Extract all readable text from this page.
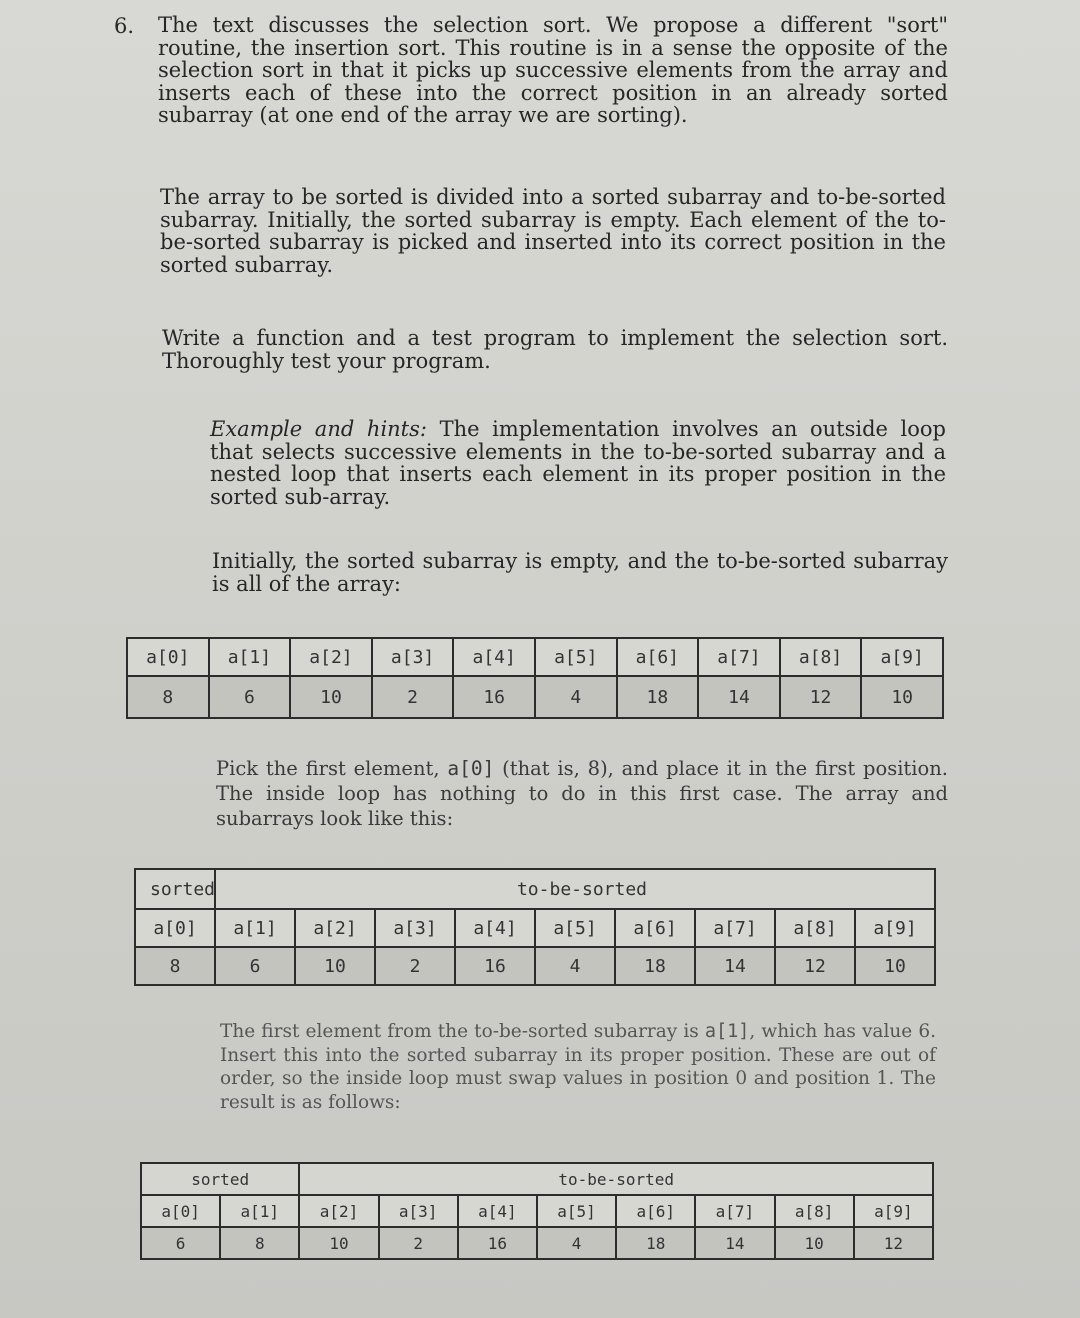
6. The text discusses the selection sort. We propose a different "sort" routine, the insertion sort. This routine is in a sense the opposite of the selection sort in that it picks up successive elements from the array and inserts each of these into the correct position in an already sorted subarray (at one end of the array we are sorting).

The array to be sorted is divided into a sorted subarray and to-be-sorted subarray. Initially, the sorted subarray is empty. Each element of the to-be-sorted subarray is picked and inserted into its correct position in the sorted subarray.

Write a function and a test program to implement the selection sort. Thoroughly test your program.

Example and hints: The implementation involves an outside loop that selects successive elements in the to-be-sorted subarray and a nested loop that inserts each element in its proper position in the sorted sub-array.

Initially, the sorted subarray is empty, and the to-be-sorted subarray is all of the array:

a[0]	a[1]	a[2]	a[3]	a[4]	a[5]	a[6]	a[7]	a[8]	a[9]
8	6	10	2	16	4	18	14	12	10

Pick the first element, a[0] (that is, 8), and place it in the first position. The inside loop has nothing to do in this first case. The array and subarrays look like this:

sorted	to-be-sorted								
a[0]	a[1]	a[2]	a[3]	a[4]	a[5]	a[6]	a[7]	a[8]	a[9]
8	6	10	2	16	4	18	14	12	10

The first element from the to-be-sorted subarray is a[1], which has value 6. Insert this into the sorted subarray in its proper position. These are out of order, so the inside loop must swap values in position 0 and position 1. The result is as follows:

sorted		to-be-sorted							
a[0]	a[1]	a[2]	a[3]	a[4]	a[5]	a[6]	a[7]	a[8]	a[9]
6	8	10	2	16	4	18	14	10	12
